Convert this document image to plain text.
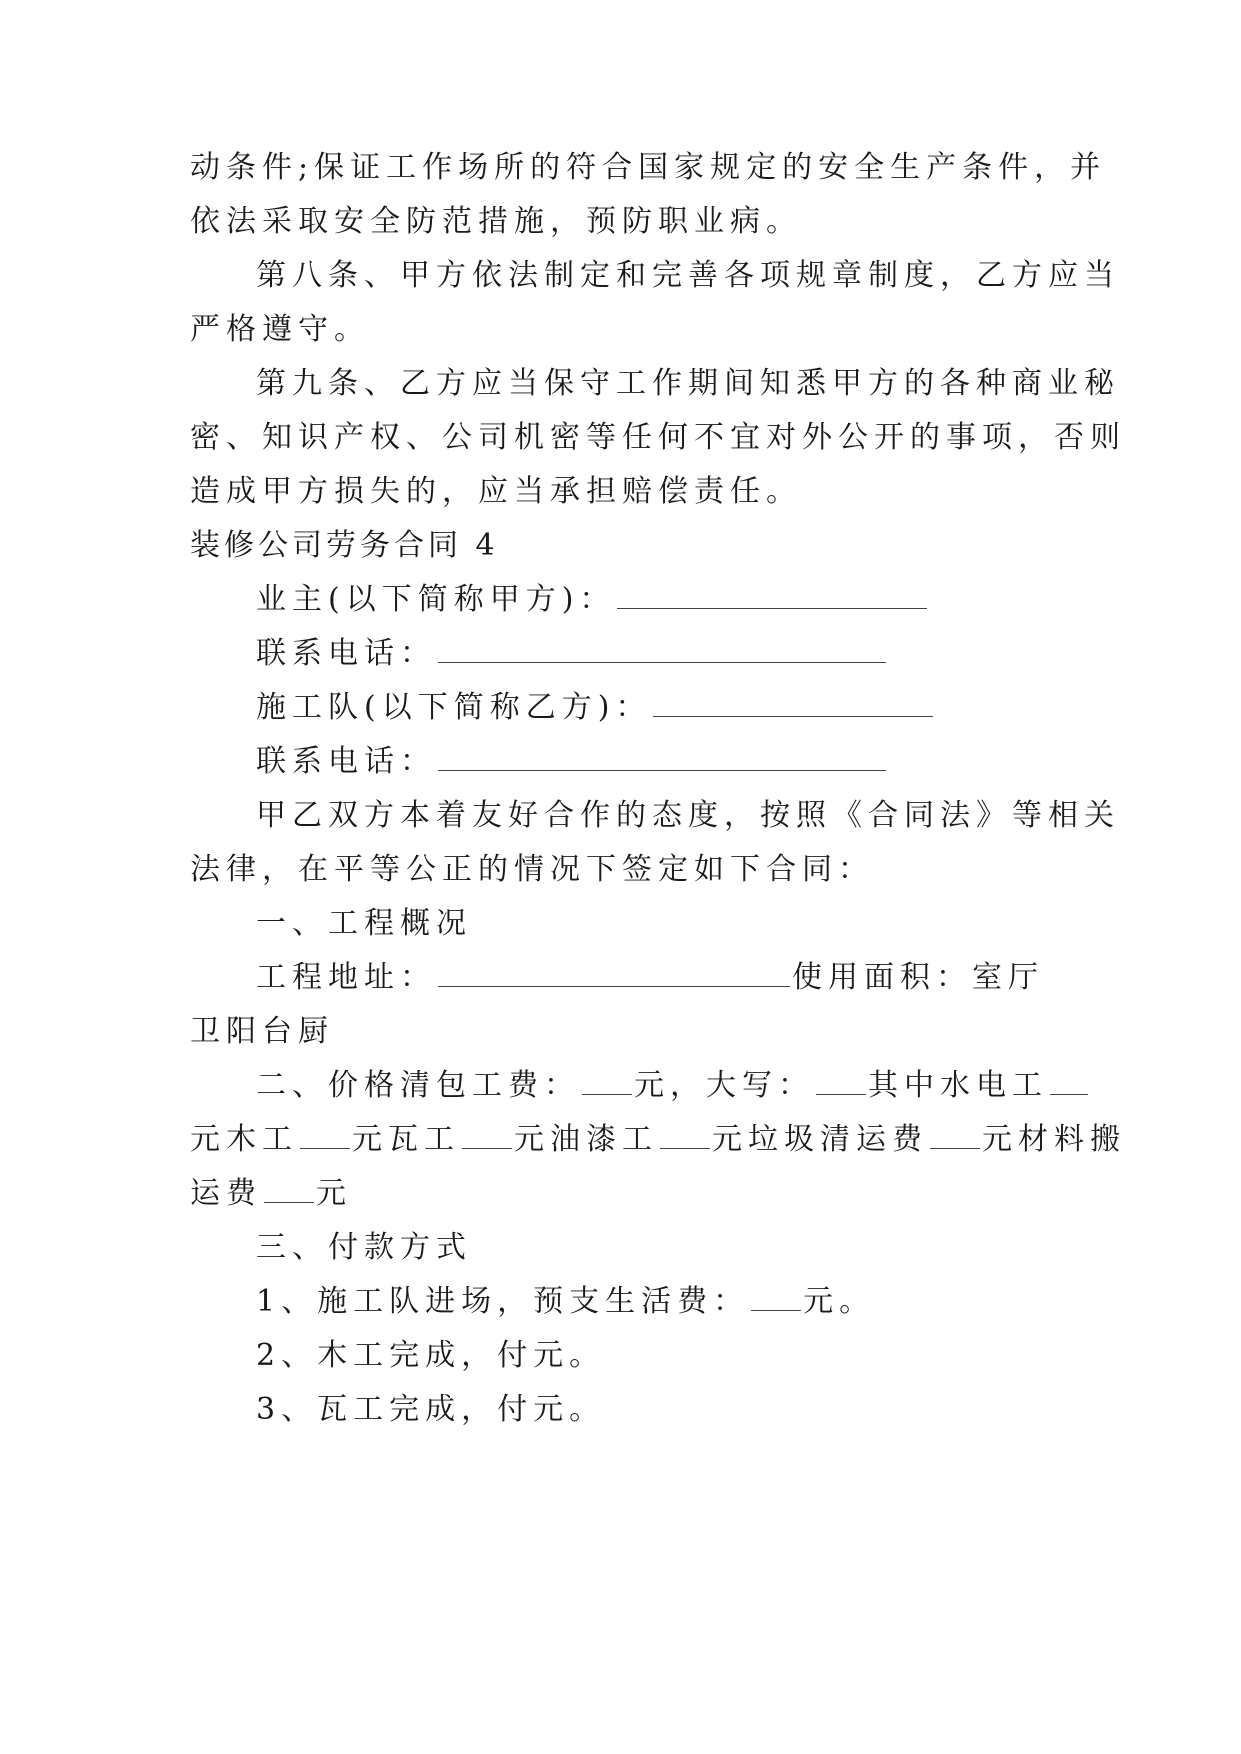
动条件;保证工作场所的符合国家规定的安全生产条件，并
依法采取安全防范措施，预防职业病。
第八条、甲方依法制定和完善各项规章制度，乙方应当
严格遵守。
第九条、乙方应当保守工作期间知悉甲方的各种商业秘
密、知识产权、公司机密等任何不宜对外公开的事项，否则
造成甲方损失的，应当承担赔偿责任。
装修公司劳务合同 4
业主(以下简称甲方)：
联系电话：
施工队(以下简称乙方)：
联系电话：
甲乙双方本着友好合作的态度，按照《合同法》等相关
法律，在平等公正的情况下签定如下合同：
一、工程概况
工程地址：	使用面积：室厅
卫阳台厨
二、价格清包工费： 元，大写： 其中水电工
元木工 元瓦工 元油漆工 元垃圾清运费 元材料搬
运费 元
三、付款方式
1、施工队进场，预支生活费： 元。
2、木工完成，付元。
3、瓦工完成，付元。
